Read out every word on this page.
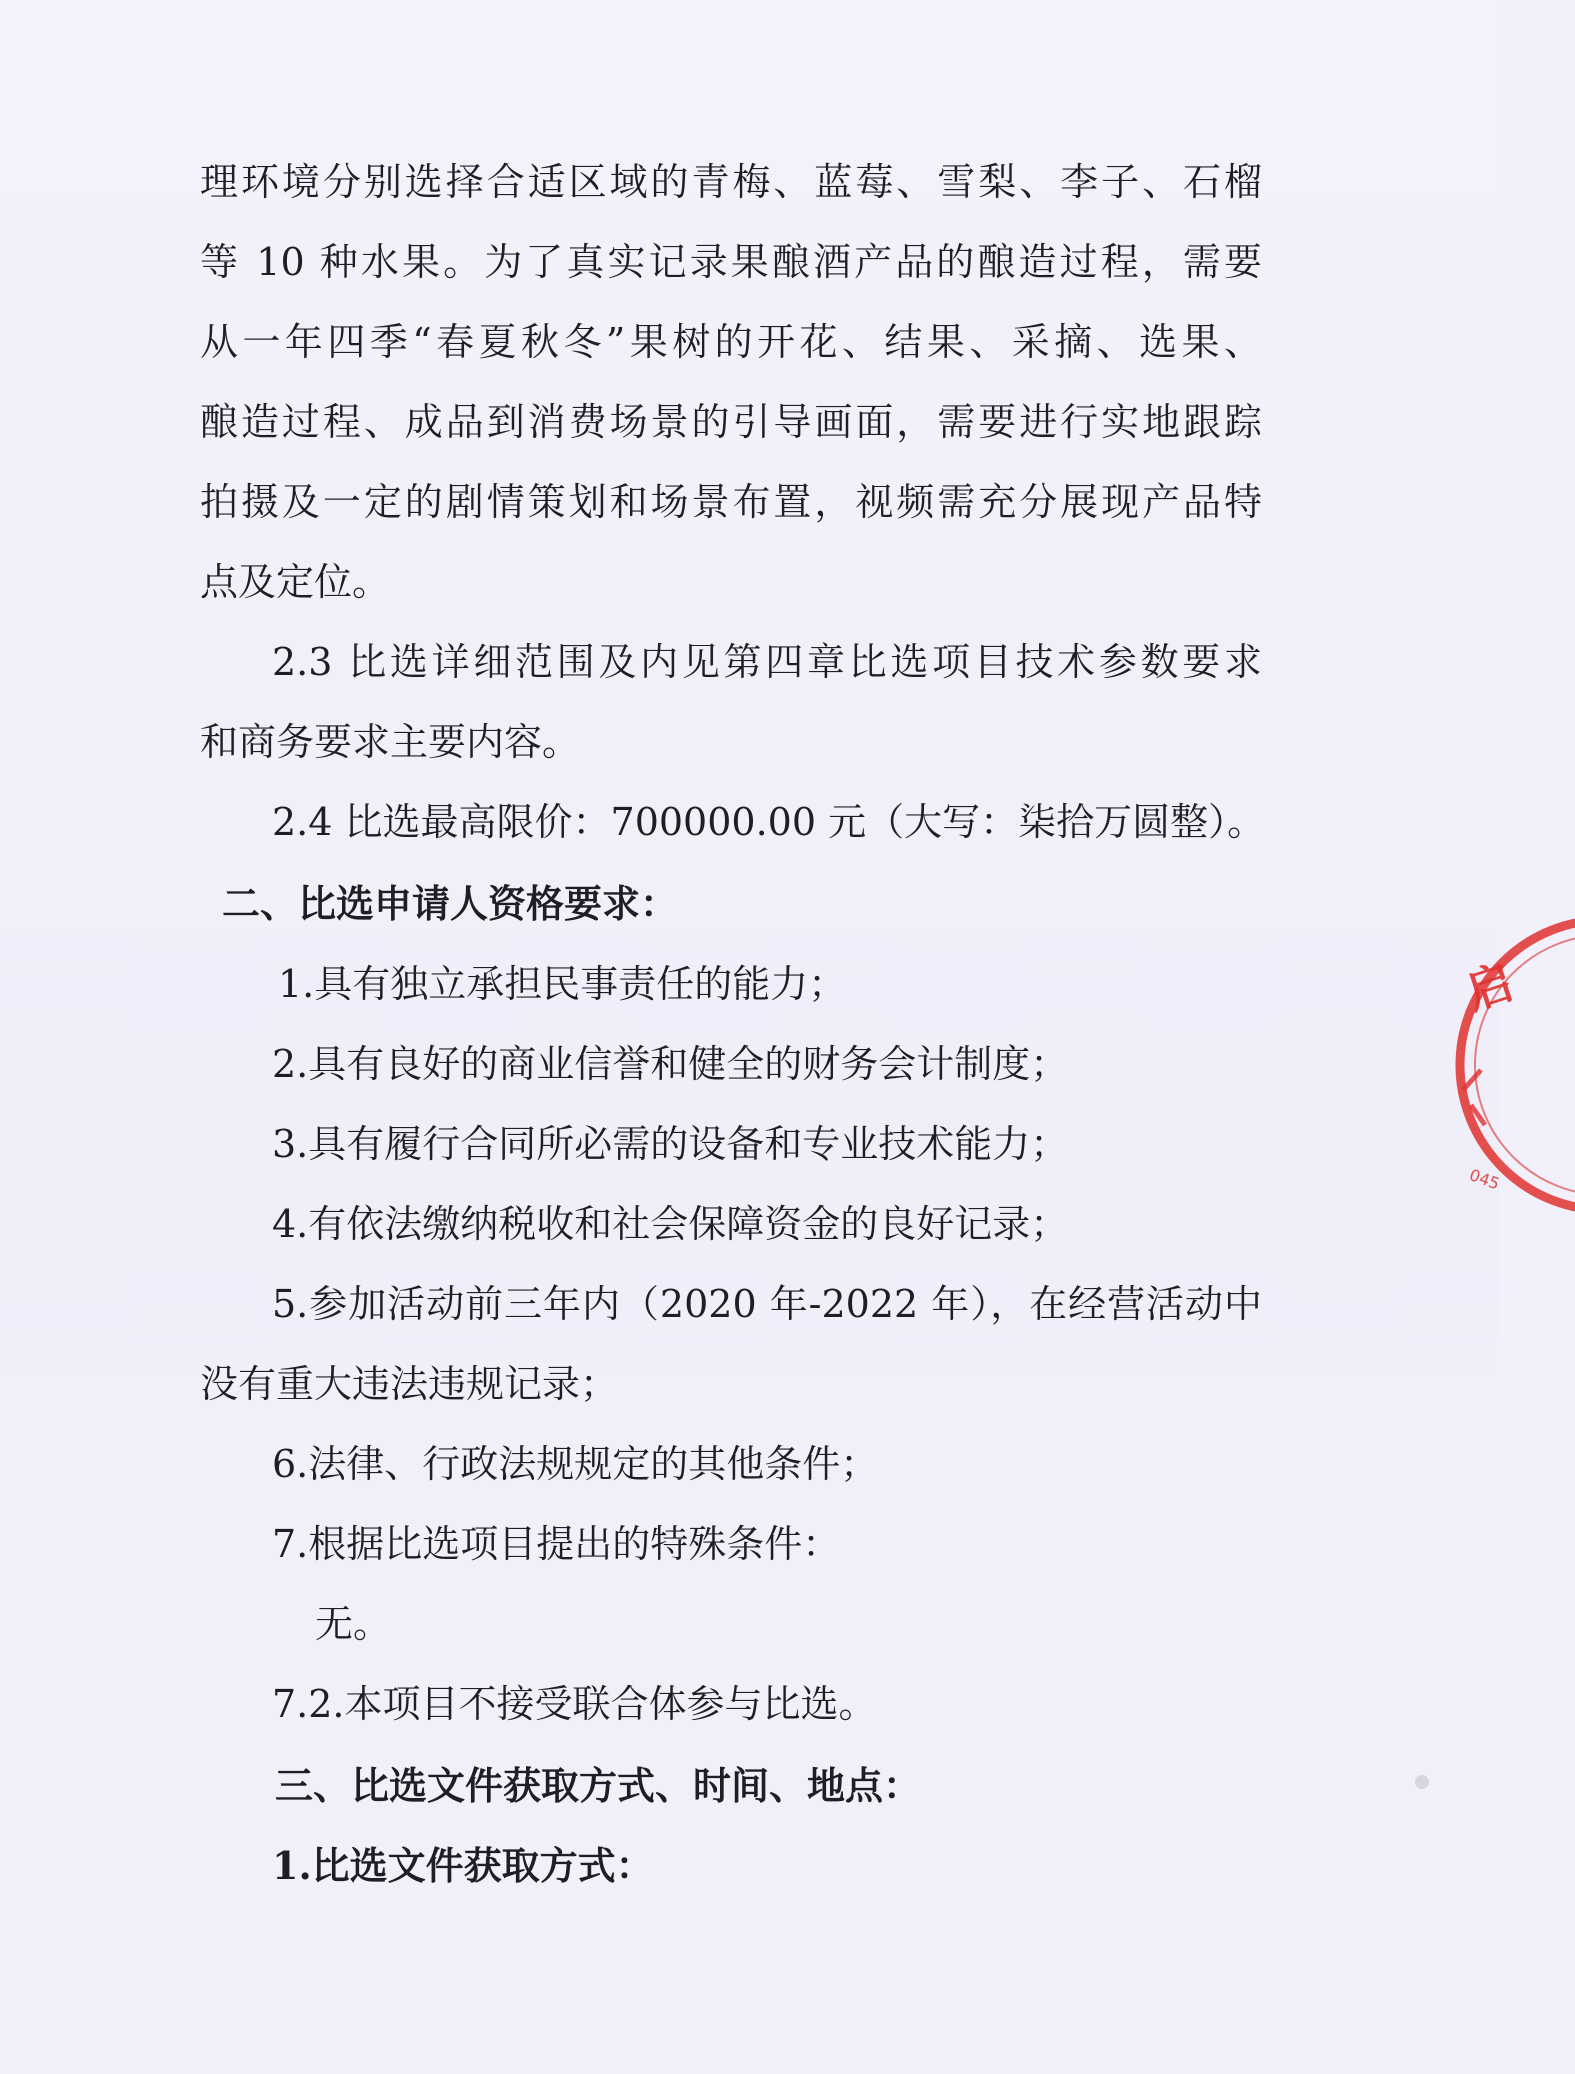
理环境分别选择合适区域的青梅、蓝莓、雪梨、李子、石榴
等 10 种水果。为了真实记录果酿酒产品的酿造过程，需要
从一年四季“春夏秋冬”果树的开花、结果、采摘、选果、
酿造过程、成品到消费场景的引导画面，需要进行实地跟踪
拍摄及一定的剧情策划和场景布置，视频需充分展现产品特
点及定位。
2.3 比选详细范围及内见第四章比选项目技术参数要求
和商务要求主要内容。
2.4 比选最高限价：700000.00 元（大写：柒拾万圆整）。
二、比选申请人资格要求：
1.具有独立承担民事责任的能力；
2.具有良好的商业信誉和健全的财务会计制度；
3.具有履行合同所必需的设备和专业技术能力；
4.有依法缴纳税收和社会保障资金的良好记录；
5.参加活动前三年内（2020 年-2022 年），在经营活动中
没有重大违法违规记录；
6.法律、行政法规规定的其他条件；
7.根据比选项目提出的特殊条件：
无。
7.2.本项目不接受联合体参与比选。
三、比选文件获取方式、时间、地点：
1.比选文件获取方式：
启
045
